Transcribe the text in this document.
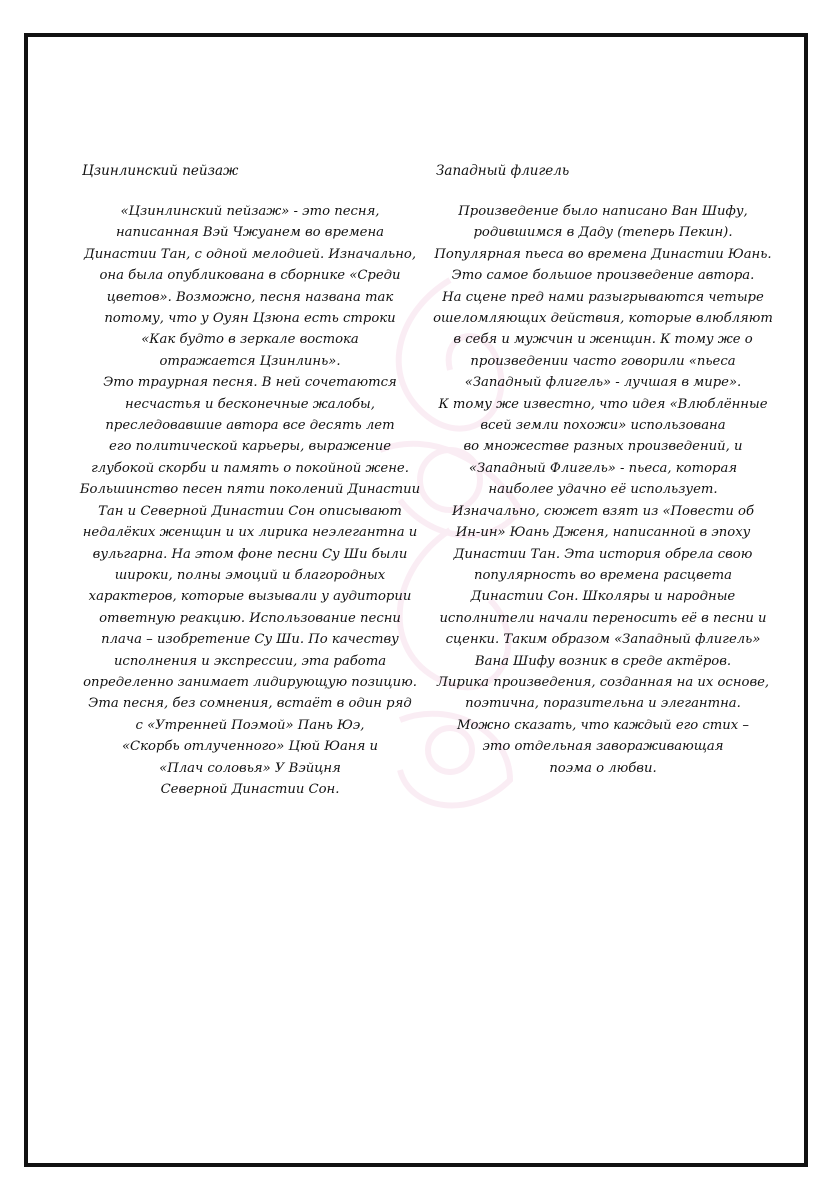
Цзинлинский пейзаж
«Цзинлинский пейзаж» - это песня,
написанная Вэй Чжуанем во времена
Династии Тан, с одной мелодией. Изначально,
она была опубликована в сборнике «Среди
цветов». Возможно, песня названа так
потому, что у Оуян Цзюна есть строки
«Как будто в зеркале востока
отражается Цзинлинь».
Это траурная песня. В ней сочетаются
несчастья и бесконечные жалобы,
преследовавшие автора все десять лет
его политической карьеры, выражение
глубокой скорби и память о покойной жене.
Большинство песен пяти поколений Династии
Тан и Северной Династии Сон описывают
недалёких женщин и их лирика неэлегантна и
вульгарна. На этом фоне песни Су Ши были
широки, полны эмоций и благородных
характеров, которые вызывали у аудитории
ответную реакцию. Использование песни
плача – изобретение Су Ши. По качеству
исполнения и экспрессии, эта работа
определенно занимает лидирующую позицию.
Эта песня, без сомнения, встаёт в один ряд
с «Утренней Поэмой» Пань Юэ,
«Скорбь отлученного» Цюй Юаня и
«Плач соловья» У Вэйцня
Северной Династии Сон.
Западный флигель
Произведение было написано Ван Шифу,
родившимся в Даду (теперь Пекин).
Популярная пьеса во времена Династии Юань.
Это самое большое произведение автора.
На сцене пред нами разыгрываются четыре
ошеломляющих действия, которые влюбляют
в себя и мужчин и женщин. К тому же о
произведении часто говорили «пьеса
«Западный флигель» - лучшая в мире».
К тому же известно, что идея «Влюблённые
всей земли похожи» использована
во множестве разных произведений, и
«Западный Флигель» - пьеса, которая
наиболее удачно её использует.
Изначально, сюжет взят из «Повести об
Ин-ин» Юань Дженя, написанной в эпоху
Династии Тан. Эта история обрела свою
популярность во времена расцвета
Династии Сон. Школяры и народные
исполнители начали переносить её в песни и
сценки. Таким образом «Западный флигель»
Вана Шифу возник в среде актёров.
Лирика произведения, созданная на их основе,
поэтична, поразительна и элегантна.
Можно сказать, что каждый его стих –
это отдельная завораживающая
поэма о любви.
